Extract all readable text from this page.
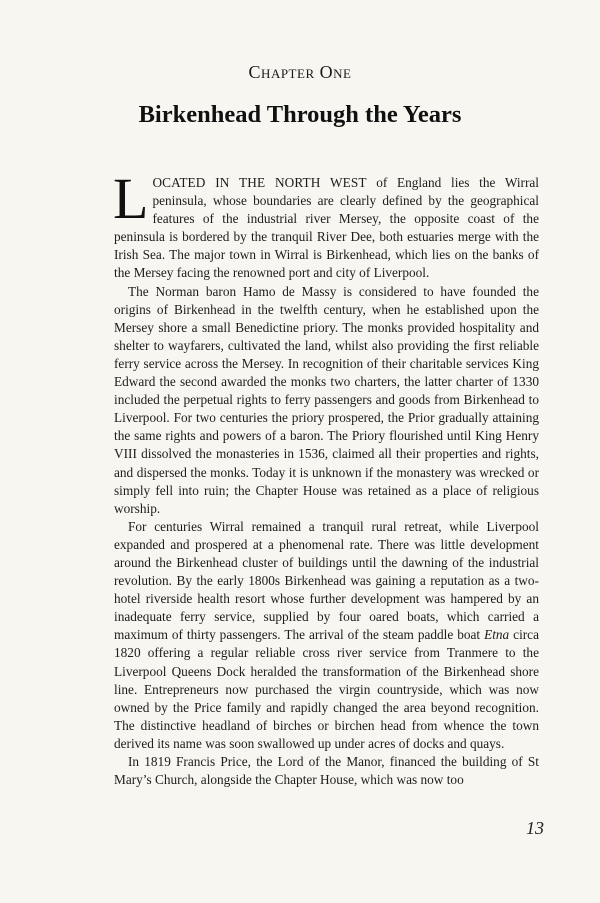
Chapter One
Birkenhead Through the Years

LOCATED IN THE NORTH WEST of England lies the Wirral peninsula, whose boundaries are clearly defined by the geographical features of the industrial river Mersey, the opposite coast of the peninsula is bordered by the tranquil River Dee, both estuaries merge with the Irish Sea. The major town in Wirral is Birkenhead, which lies on the banks of the Mersey facing the renowned port and city of Liverpool.

The Norman baron Hamo de Massy is considered to have founded the origins of Birkenhead in the twelfth century, when he established upon the Mersey shore a small Benedictine priory. The monks provided hospitality and shelter to wayfarers, cultivated the land, whilst also providing the first reliable ferry service across the Mersey. In recognition of their charitable services King Edward the second awarded the monks two charters, the latter charter of 1330 included the perpetual rights to ferry passengers and goods from Birkenhead to Liverpool. For two centuries the priory prospered, the Prior gradually attaining the same rights and powers of a baron. The Priory flourished until King Henry VIII dissolved the monasteries in 1536, claimed all their properties and rights, and dispersed the monks. Today it is unknown if the monastery was wrecked or simply fell into ruin; the Chapter House was retained as a place of religious worship.

For centuries Wirral remained a tranquil rural retreat, while Liverpool expanded and prospered at a phenomenal rate. There was little development around the Birkenhead cluster of buildings until the dawning of the industrial revolution. By the early 1800s Birkenhead was gaining a reputation as a two-hotel riverside health resort whose further development was hampered by an inadequate ferry service, supplied by four oared boats, which carried a maximum of thirty passengers. The arrival of the steam paddle boat Etna circa 1820 offering a regular reliable cross river service from Tranmere to the Liverpool Queens Dock heralded the transformation of the Birkenhead shore line. Entrepreneurs now purchased the virgin countryside, which was now owned by the Price family and rapidly changed the area beyond recognition. The distinctive headland of birches or birchen head from whence the town derived its name was soon swallowed up under acres of docks and quays.

In 1819 Francis Price, the Lord of the Manor, financed the building of St Mary’s Church, alongside the Chapter House, which was now too

13
